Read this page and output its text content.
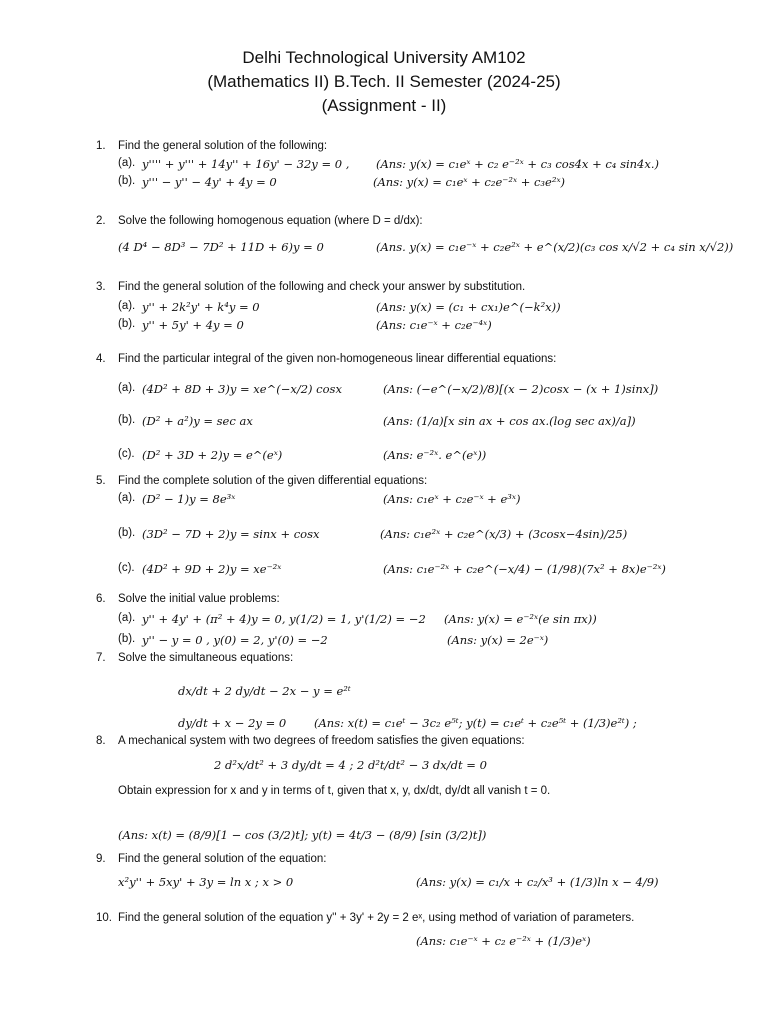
Delhi Technological University AM102
(Mathematics II) B.Tech. II Semester (2024-25)
(Assignment - II)
1. Find the general solution of the following:
(a). y'''' + y''' + 14y'' + 16y' − 32y = 0 , (Ans: y(x) = c₁eˣ + c₂ e⁻²ˣ + c₃ cos4x + c₄ sin4x.)
(b). y''' − y'' − 4y' + 4y = 0	(Ans: y(x) = c₁eˣ + c₂e⁻²ˣ + c₃e²ˣ)
2. Solve the following homogenous equation (where D = d/dx):
(4 D⁴ − 8D³ − 7D² + 11D + 6)y = 0	(Ans. y(x) = c₁e⁻ˣ + c₂e²ˣ + e^(x/2)(c₃ cos x/√2 + c₄ sin x/√2))
3. Find the general solution of the following and check your answer by substitution.
(a). y'' + 2k²y' + k⁴y = 0	(Ans: y(x) = (c₁ + cx₁)e^(−k²x))
(b). y'' + 5y' + 4y = 0	(Ans: c₁e⁻ˣ + c₂e⁻⁴ˣ)
4. Find the particular integral of the given non-homogeneous linear differential equations:
(a). (4D² + 8D + 3)y = xe^(−x/2) cosx	(Ans: (−e^(−x/2)/8)[(x − 2)cosx − (x + 1)sinx])
(b). (D² + a²)y = sec ax	(Ans: (1/a)[x sin ax + cos ax.(log sec ax)/a])
(c). (D² + 3D + 2)y = e^(eˣ)	(Ans: e⁻²ˣ. e^(eˣ))
5. Find the complete solution of the given differential equations:
(a). (D² − 1)y = 8e³ˣ	(Ans: c₁eˣ + c₂e⁻ˣ + e³ˣ)
(b). (3D² − 7D + 2)y = sinx + cosx	(Ans: c₁e²ˣ + c₂e^(x/3) + (3cosx−4sin)/25)
(c). (4D² + 9D + 2)y = xe⁻²ˣ	(Ans: c₁e⁻²ˣ + c₂e^(−x/4) − (1/98)(7x² + 8x)e⁻²ˣ)
6. Solve the initial value problems:
(a). y'' + 4y' + (π² + 4)y = 0, y(1/2) = 1, y'(1/2) = −2 (Ans: y(x) = e⁻²ˣ(e sin πx))
(b). y'' − y = 0 , y(0) = 2, y'(0) = −2	(Ans: y(x) = 2e⁻ˣ)
7. Solve the simultaneous equations:
dx/dt + 2 dy/dt − 2x − y = e²ᵗ
dy/dt + x − 2y = 0 (Ans: x(t) = c₁eᵗ − 3c₂ e⁵ᵗ; y(t) = c₁eᵗ + c₂e⁵ᵗ + (1/3)e²ᵗ) ;
8. A mechanical system with two degrees of freedom satisfies the given equations:
2 d²x/dt² + 3 dy/dt = 4 ; 2 d²t/dt² − 3 dx/dt = 0
Obtain expression for x and y in terms of t, given that x, y, dx/dt, dy/dt all vanish t = 0.
(Ans: x(t) = (8/9)[1 − cos (3/2)t]; y(t) = 4t/3 − (8/9) [sin (3/2)t])
9. Find the general solution of the equation:
x²y'' + 5xy' + 3y = ln x ; x > 0	(Ans: y(x) = c₁/x + c₂/x³ + (1/3)ln x − 4/9)
10. Find the general solution of the equation y'' + 3y' + 2y = 2 eˣ, using method of variation of parameters.
(Ans: c₁e⁻ˣ + c₂ e⁻²ˣ + (1/3)eˣ)
